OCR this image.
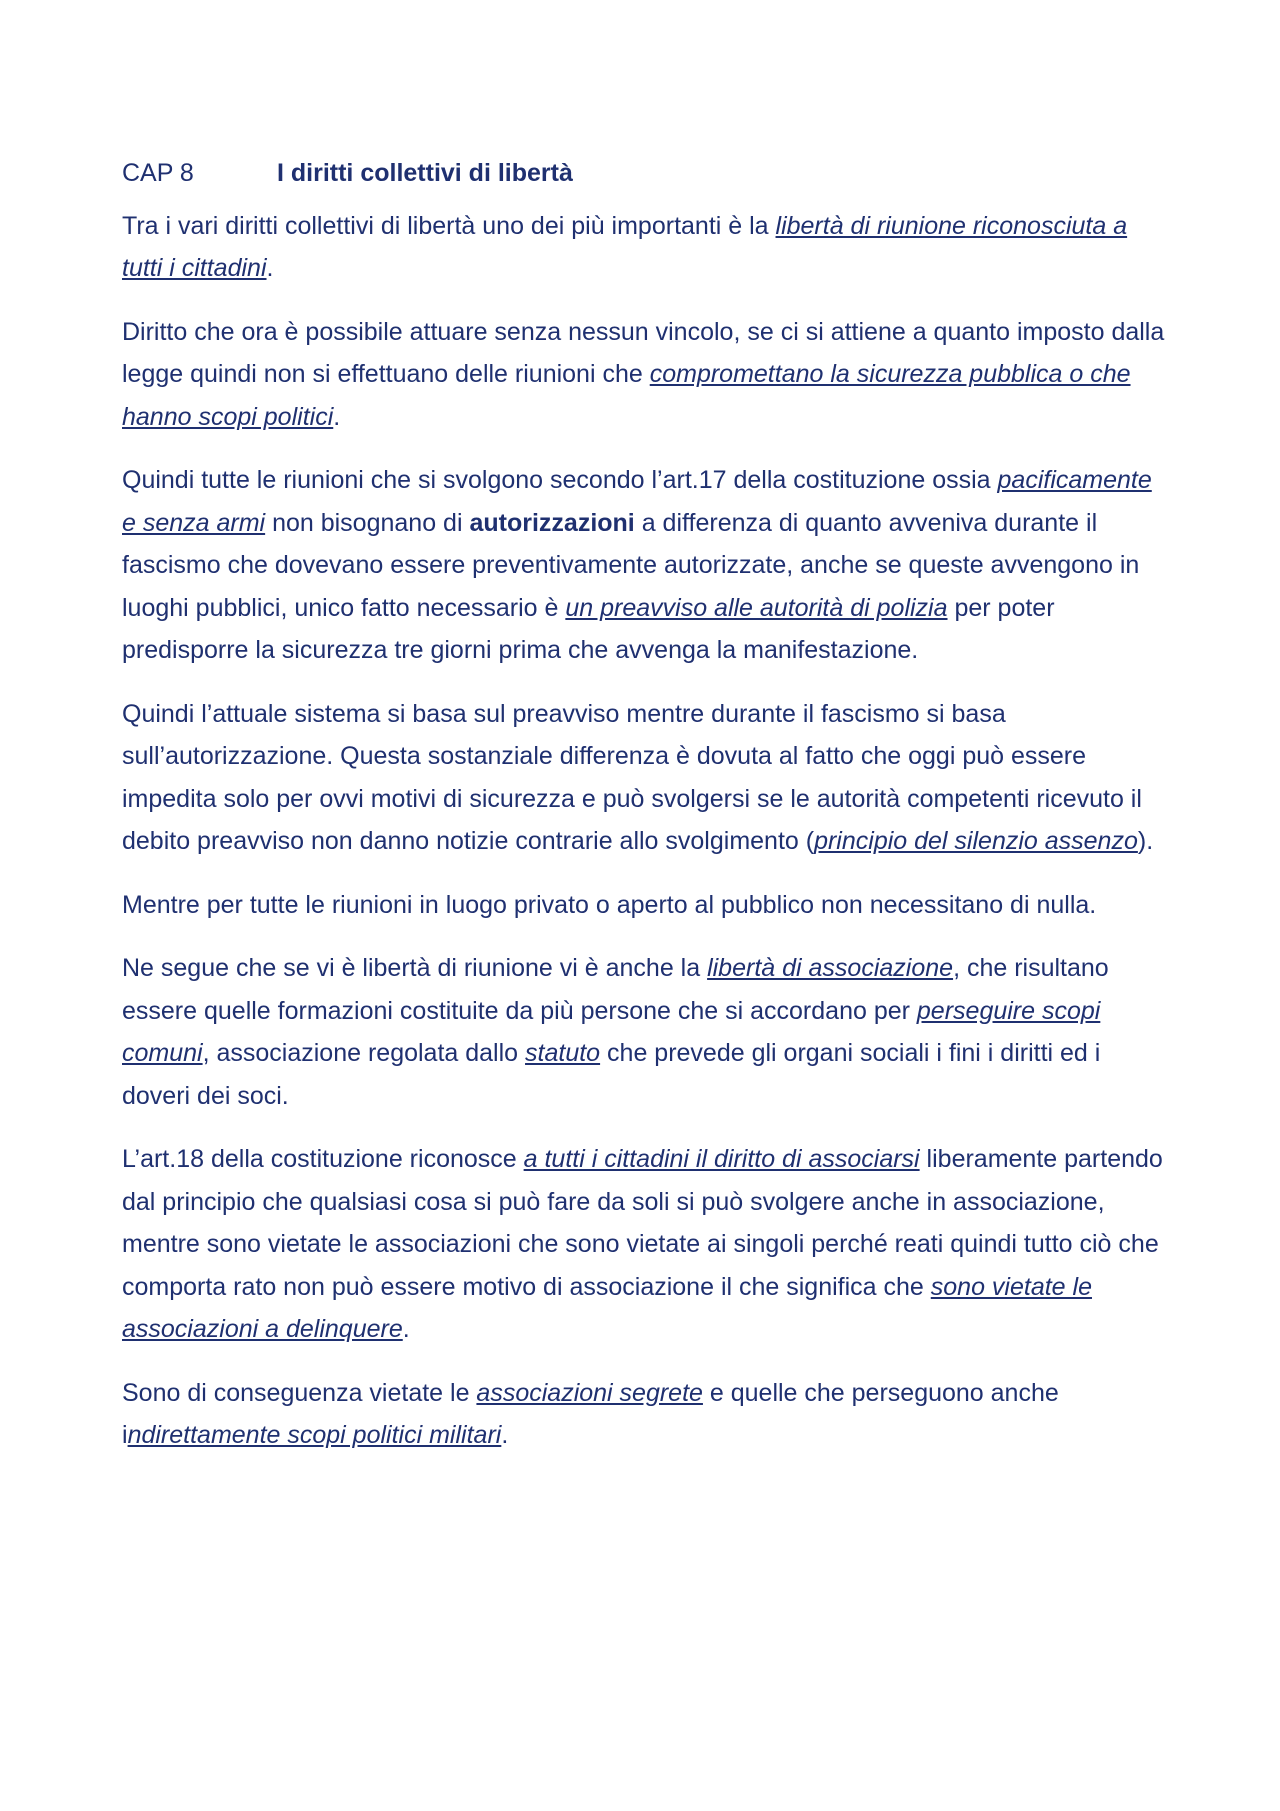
CAP 8	I diritti collettivi di libertà

Tra i vari diritti collettivi di libertà uno dei più importanti è la libertà di riunione riconosciuta a tutti i cittadini.

Diritto che ora è possibile attuare senza nessun vincolo, se ci si attiene a quanto imposto dalla legge quindi non si effettuano delle riunioni che compromettano la sicurezza pubblica o che hanno scopi politici.

Quindi tutte le riunioni che si svolgono secondo l’art.17 della costituzione ossia pacificamente e senza armi non bisognano di autorizzazioni a differenza di quanto avveniva durante il fascismo che dovevano essere preventivamente autorizzate, anche se queste avvengono in luoghi pubblici, unico fatto necessario è un preavviso alle autorità di polizia per poter predisporre la sicurezza tre giorni prima che avvenga la manifestazione.

Quindi l’attuale sistema si basa sul preavviso mentre durante il fascismo si basa sull’autorizzazione. Questa sostanziale differenza è dovuta al fatto che oggi può essere impedita solo per ovvi motivi di sicurezza e può svolgersi se le autorità competenti ricevuto il debito preavviso non danno notizie contrarie allo svolgimento (principio del silenzio assenzo).

Mentre per tutte le riunioni in luogo privato o aperto al pubblico non necessitano di nulla.

Ne segue che se vi è libertà di riunione vi è anche la libertà di associazione, che risultano essere quelle formazioni costituite da più persone che si accordano per perseguire scopi comuni, associazione regolata dallo statuto che prevede gli organi sociali i fini i diritti ed i doveri dei soci.

L’art.18 della costituzione riconosce a tutti i cittadini il diritto di associarsi liberamente partendo dal principio che qualsiasi cosa si può fare da soli si può svolgere anche in associazione, mentre sono vietate le associazioni che sono vietate ai singoli perché reati quindi tutto ciò che comporta rato non può essere motivo di associazione il che significa che sono vietate le associazioni a delinquere.

Sono di conseguenza vietate le associazioni segrete e quelle che perseguono anche indirettamente scopi politici militari.
